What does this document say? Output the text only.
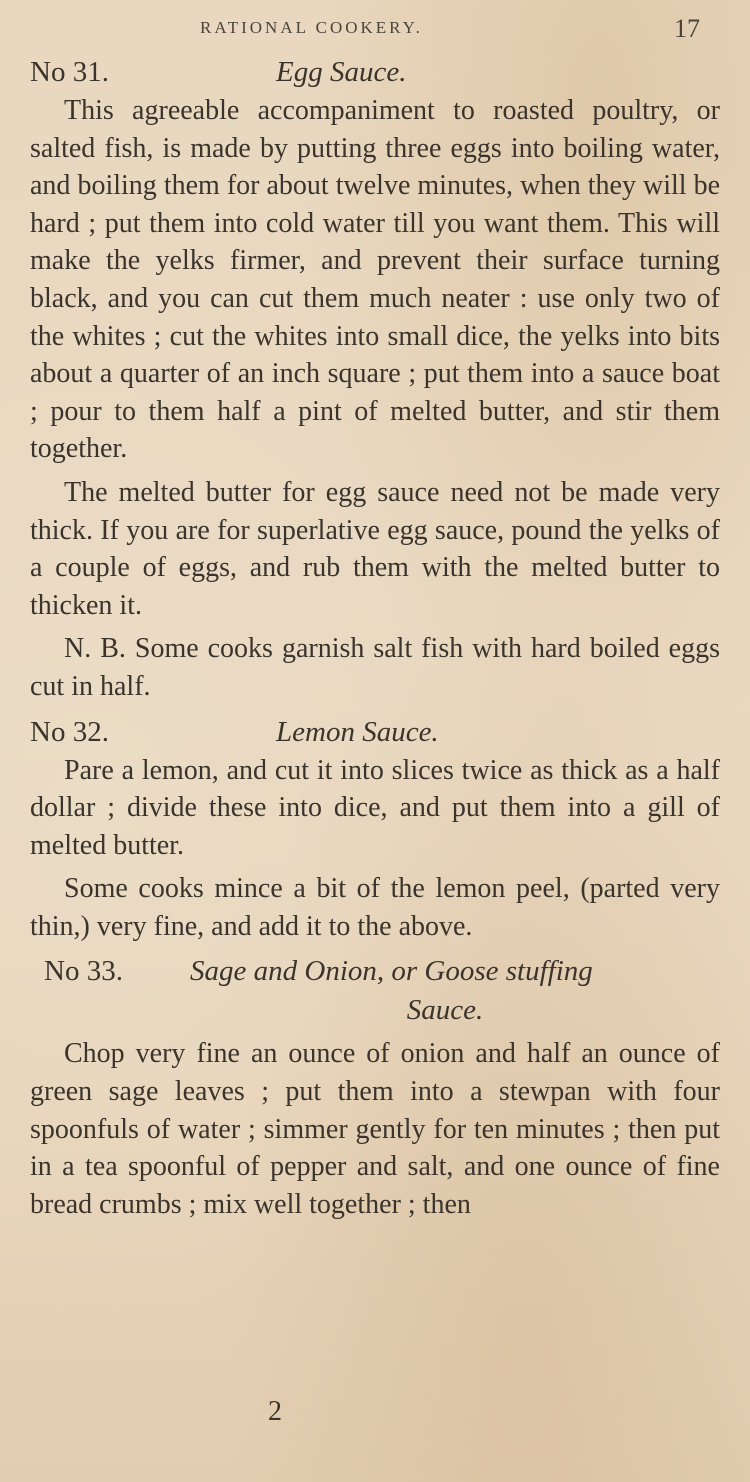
RATIONAL COOKERY.	17
No 31.	Egg Sauce.

This agreeable accompaniment to roasted poultry, or salted fish, is made by putting three eggs into boiling water, and boiling them for about twelve minutes, when they will be hard ; put them into cold water till you want them. This will make the yelks firmer, and prevent their surface turning black, and you can cut them much neater : use only two of the whites ; cut the whites into small dice, the yelks into bits about a quarter of an inch square ; put them into a sauce boat ; pour to them half a pint of melted butter, and stir them together.

The melted butter for egg sauce need not be made very thick. If you are for superlative egg sauce, pound the yelks of a couple of eggs, and rub them with the melted butter to thicken it.

N. B. Some cooks garnish salt fish with hard boiled eggs cut in half.

No 32.	Lemon Sauce.

Pare a lemon, and cut it into slices twice as thick as a half dollar ; divide these into dice, and put them into a gill of melted butter.

Some cooks mince a bit of the lemon peel, (parted very thin,) very fine, and add it to the above.

No 33. Sage and Onion, or Goose stuffing
Sauce.

Chop very fine an ounce of onion and half an ounce of green sage leaves ; put them into a stewpan with four spoonfuls of water ; simmer gently for ten minutes ; then put in a tea spoonful of pepper and salt, and one ounce of fine bread crumbs ; mix well together ; then

2
